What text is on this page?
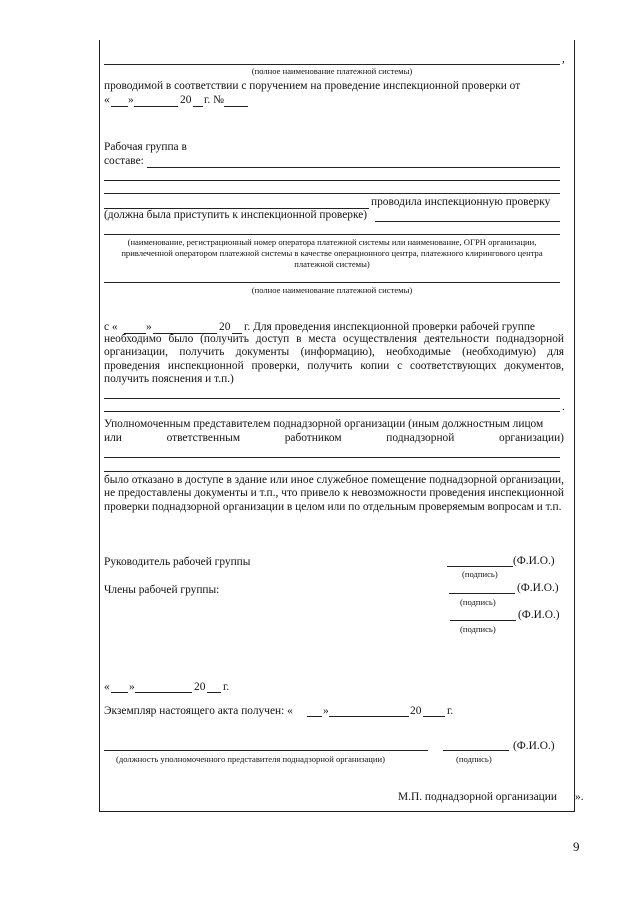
,
(полное наименование платежной системы)
проводимой в соответствии с поручением на проведение инспекционной проверки от
« »	20 г. №
Рабочая группа в
составе:
проводила инспекционную проверку
(должна была приступить к инспекционной проверке)
(наименование, регистрационный номер оператора платежной системы или наименование, ОГРН организации, привлеченной оператором платежной системы в качестве операционного центра, платежного клирингового центра платежной системы)
(полное наименование платежной системы)
с « »	20 г. Для проведения инспекционной проверки рабочей группе
необходимо было (получить доступ в места осуществления деятельности поднадзорной организации, получить документы (информацию), необходимые (необходимую) для проведения инспекционной проверки, получить копии с соответствующих документов, получить пояснения и т.п.)
.
Уполномоченным представителем поднадзорной организации (иным должностным лицом
или	ответственным	работником	поднадзорной	организации)
было отказано в доступе в здание или иное служебное помещение поднадзорной организации, не предоставлены документы и т.п., что привело к невозможности проведения инспекционной проверки поднадзорной организации в целом или по отдельным проверяемым вопросам и т.п.
Руководитель рабочей группы	(Ф.И.О.)
(подпись)
Члены рабочей группы:	(Ф.И.О.)
(подпись)
(Ф.И.О.)
(подпись)
« »	20 г.
Экземпляр настоящего акта получен: «	»	20 г.
(должность уполномоченного представителя поднадзорной организации)	(подпись)
(Ф.И.О.)
М.П. поднадзорной организации ».
9
